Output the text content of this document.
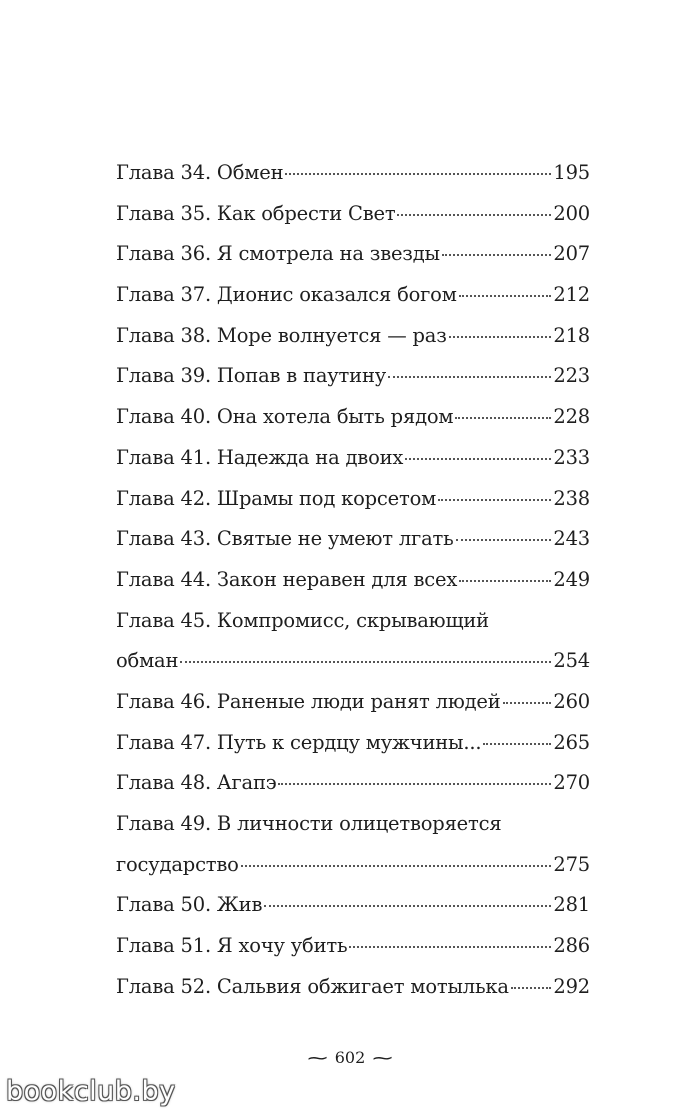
Глава 34. Обмен	195
Глава 35. Как обрести Свет	200
Глава 36. Я смотрела на звезды	207
Глава 37. Дионис оказался богом	212
Глава 38. Море волнуется — раз	218
Глава 39. Попав в паутину	223
Глава 40. Она хотела быть рядом	228
Глава 41. Надежда на двоих	233
Глава 42. Шрамы под корсетом	238
Глава 43. Святые не умеют лгать	243
Глава 44. Закон неравен для всех	249
Глава 45. Компромисс, скрывающий
обман	254
Глава 46. Раненые люди ранят людей	260
Глава 47. Путь к сердцу мужчины...	265
Глава 48. Агапэ	270
Глава 49. В личности олицетворяется
государство	275
Глава 50. Жив	281
Глава 51. Я хочу убить	286
Глава 52. Сальвия обжигает мотылька 292
~ 602 ~
bookclub.by
